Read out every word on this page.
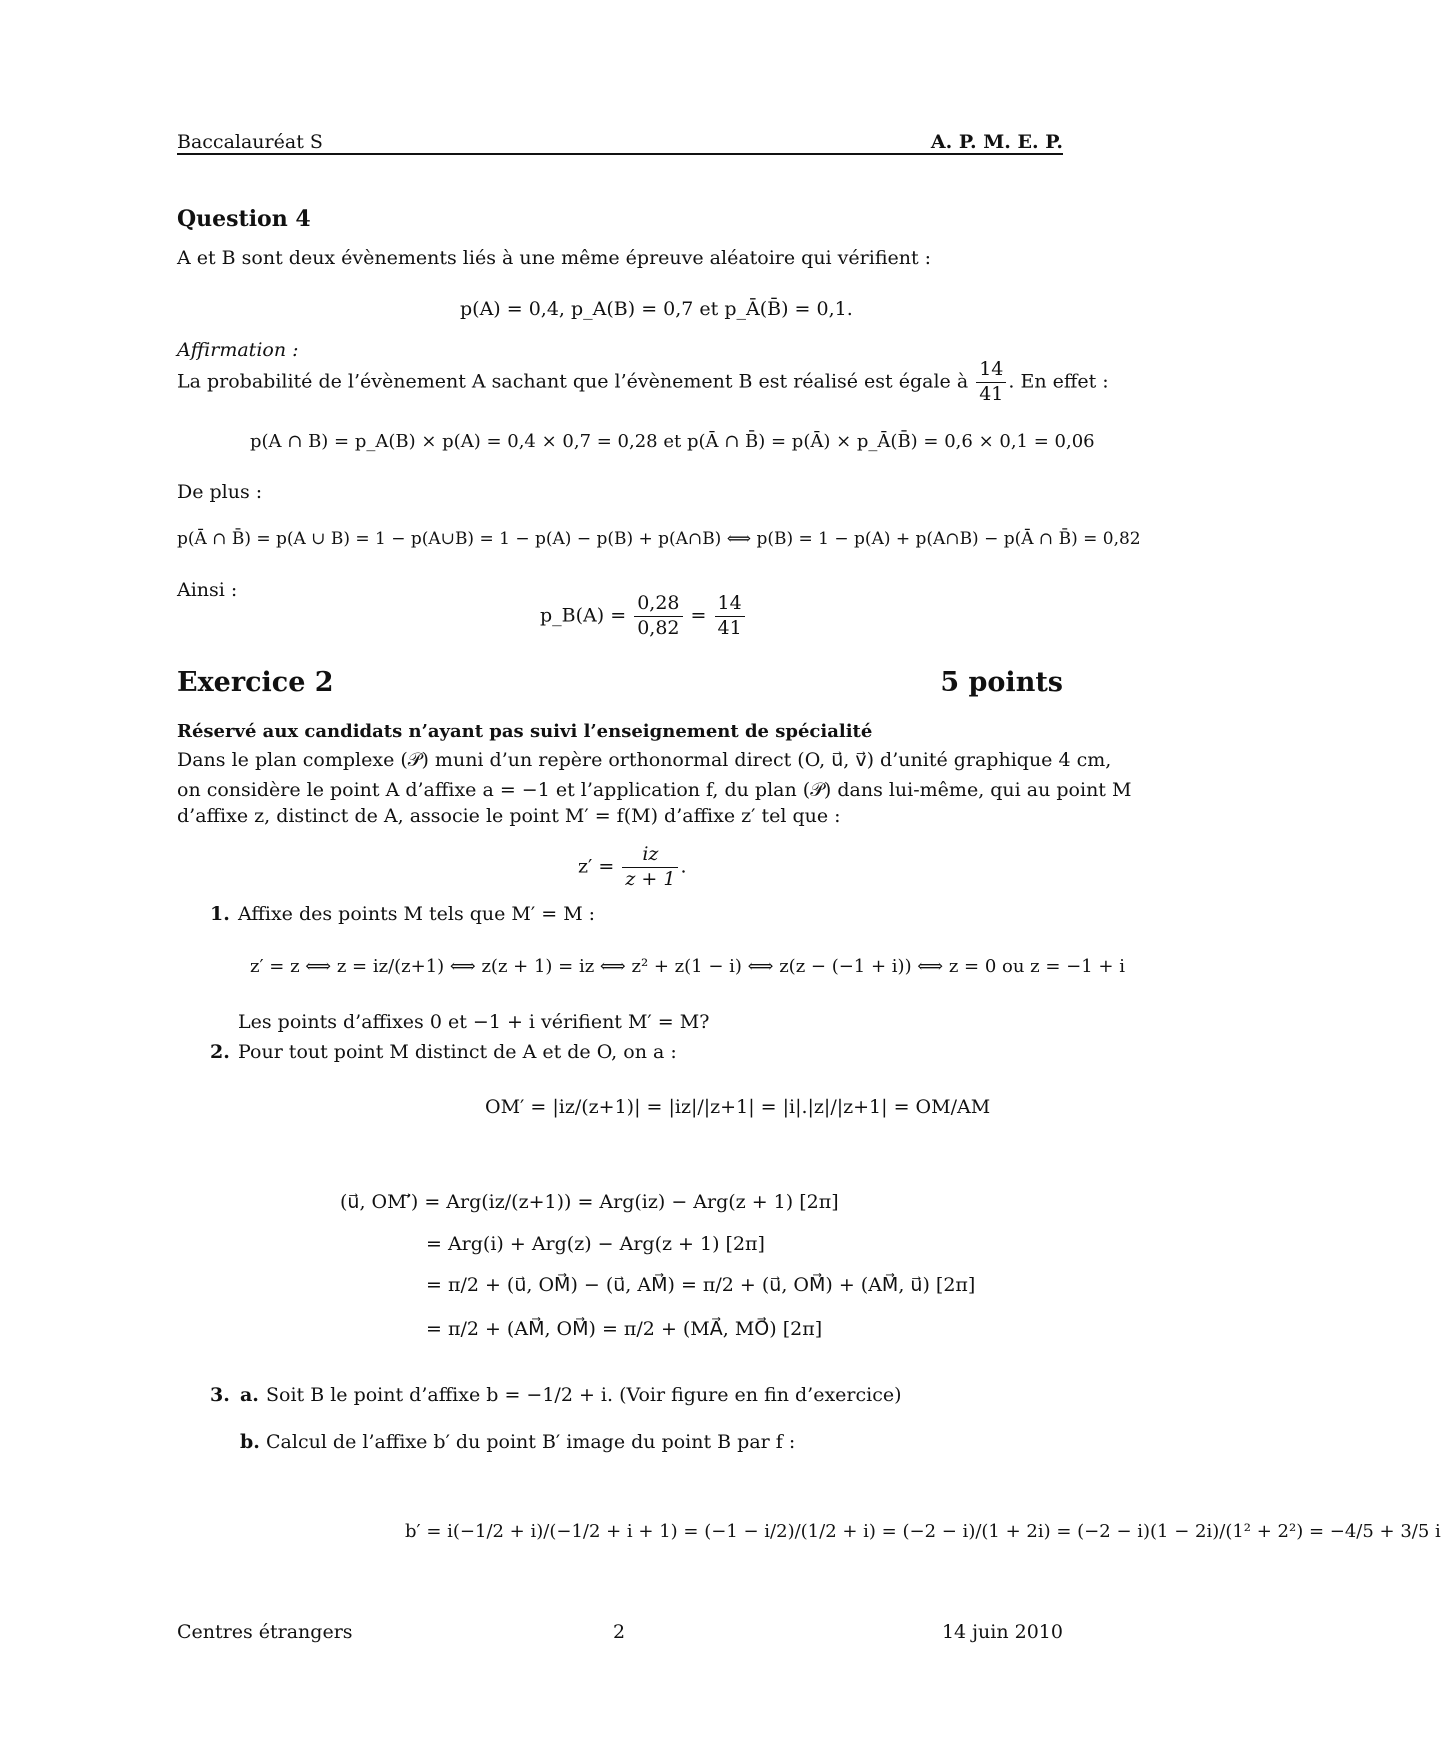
Baccalauréat S	A. P. M. E. P.
Question 4
A et B sont deux évènements liés à une même épreuve aléatoire qui vérifient :
p(A) = 0,4, p_A(B) = 0,7 et p_Ā(B̄) = 0,1.
Affirmation :
La probabilité de l’évènement A sachant que l’évènement B est réalisé est égale à $\frac{14}{41}$ . En effet :
p(A ∩ B) = p_A(B) × p(A) = 0,4 × 0,7 = 0,28 et p(Ā ∩ B̄) = p(Ā) × p_Ā(B̄) = 0,6 × 0,1 = 0,06
De plus :
p(Ā ∩ B̄) = p(A ∪ B) = 1 − p(A∪B) = 1 − p(A) − p(B) + p(A∩B) ⟺ p(B) = 1 − p(A) + p(A∩B) − p(Ā ∩ B̄) = 0,82
Ainsi :
p_B(A) = $\frac{0,28}{0,82} = \frac{14}{41}$
Exercice 2	5 points
Réservé aux candidats n’ayant pas suivi l’enseignement de spécialité
Dans le plan complexe (𝒫) muni d’un repère orthonormal direct (O, u⃗, v⃗) d’unité graphique 4 cm,
on considère le point A d’affixe a = −1 et l’application f, du plan (𝒫) dans lui-même, qui au point M
d’affixe z, distinct de A, associe le point M′ = f(M) d’affixe z′ tel que :
$z' = \frac{iz}{z + 1}$ .
1. Affixe des points M tels que M′ = M :
z′ = z ⟺ z = iz/(z+1) ⟺ z(z + 1) = iz ⟺ z² + z(1 − i) ⟺ z(z − (−1 + i)) ⟺ z = 0 ou z = −1 + i
Les points d’affixes 0 et −1 + i vérifient M′ = M?
2. Pour tout point M distinct de A et de O, on a :
OM′ = |iz/(z+1)| = |iz|/|z+1| = |i|.|z|/|z+1| = OM/AM
(u⃗, OM′⃗) = Arg(iz/(z+1)) = Arg(iz) − Arg(z + 1) [2π]
= Arg(i) + Arg(z) − Arg(z + 1) [2π]
= π/2 + (u⃗, OM⃗) − (u⃗, AM⃗) = π/2 + (u⃗, OM⃗) + (AM⃗, u⃗) [2π]
= π/2 + (AM⃗, OM⃗) = π/2 + (MA⃗, MO⃗) [2π]
3. a. Soit B le point d’affixe b = −1/2 + i. (Voir figure en fin d’exercice)
b. Calcul de l’affixe b′ du point B′ image du point B par f :
b′ = i(−1/2 + i)/(−1/2 + i + 1) = (−1 − i/2)/(1/2 + i) = (−2 − i)/(1 + 2i) = (−2 − i)(1 − 2i)/(1² + 2²) = −4/5 + 3/5 i
Centres étrangers	2	14 juin 2010
